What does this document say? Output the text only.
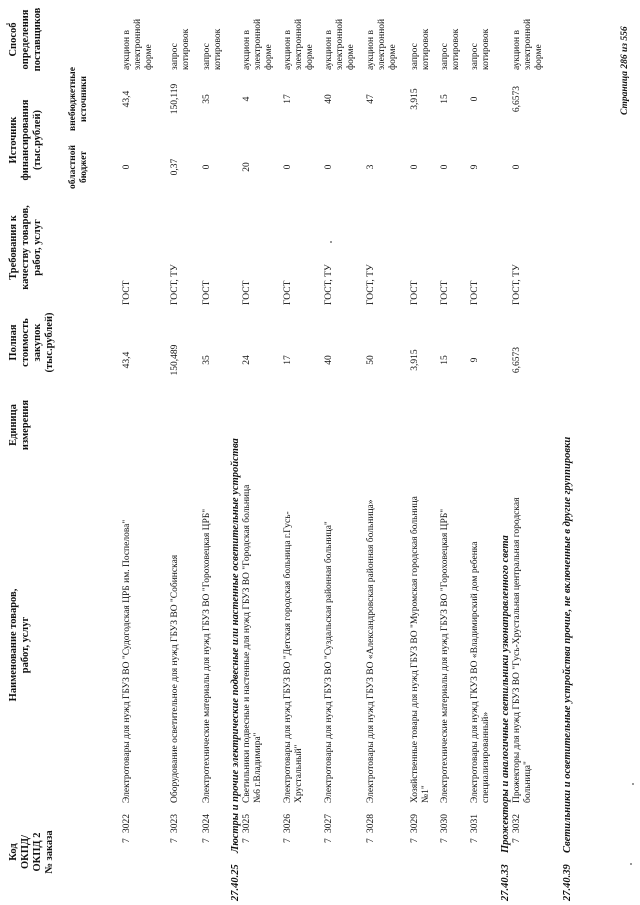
Код
ОКПД/
ОКПД 2
№ заказа
Наименование товаров,
работ, услуг
Единица
измерения
Полная
стоимость
закупок
(тыс.рублей)
Требования к
качеству товаров,
работ, услуг
Источник
финансирования
(тыс.рублей)	областной
бюджет
внебюджетные
источники
Способ
определения
поставщиков
7
3022
Электротовары для нужд ГБУЗ ВО "Судогодская ЦРБ им. Поспелова"
43,4
ГОСТ
0
43,4
аукцион в электронной форме
7
3023
Оборудование осветительное для нужд ГБУЗ ВО "Собинская
150,489
ГОСТ, ТУ
0,37
150,119
запрос котировок
7
3024
Электротехнические материалы для нужд ГБУЗ ВО "Гороховецкая ЦРБ"
35
ГОСТ
0
35
запрос котировок
27.40.25Люстры и прочие электрические подвесные или настенные осветительные устройства 7
3025
Светильники подвесные и настенные для нужд ГБУЗ ВО "Городская больница №6 г.Владимира"
24
ГОСТ
20
4
аукцион в электронной форме
7
3026
Электротовары для нужд ГБУЗ ВО "Детская городская больница г.Гусь-Хрустальный"
17
ГОСТ
0
17
аукцион в электронной форме
7
3027
Электротовары для нужд ГБУЗ ВО "Суздальская районная больница"
40
ГОСТ, ТУ
0
40
аукцион в электронной форме
7
3028
Электротовары для нужд ГБУЗ ВО «Александровская районная больница»
50
ГОСТ, ТУ
3
47
аукцион в электронной форме
7
3029
Хозяйственные товары для нужд ГБУЗ ВО "Муромская городская больница №1"
3,915
ГОСТ
0
3,915
запрос котировок
7
3030
Электротехнические материалы для нужд ГБУЗ ВО "Гороховецкая ЦРБ"
15
ГОСТ
0
15
запрос котировок
7
3031
Электротовары для нужд ГКУЗ ВО «Владимирский дом ребенка специализированный»
9
ГОСТ
9
0
запрос котировок
27.40.33Прожекторы и аналогичные светильники узконаправленного света 7
3032
Прожекторы для нужд ГБУЗ ВО "Гусь-Хрустальная центральная городская больница"
6,6573
ГОСТ, ТУ
0
6,6573
аукцион в электронной форме
27.40.39Светильники и осветительные устройства прочие, не включенные в другие группировки
Страница 286 из 556
